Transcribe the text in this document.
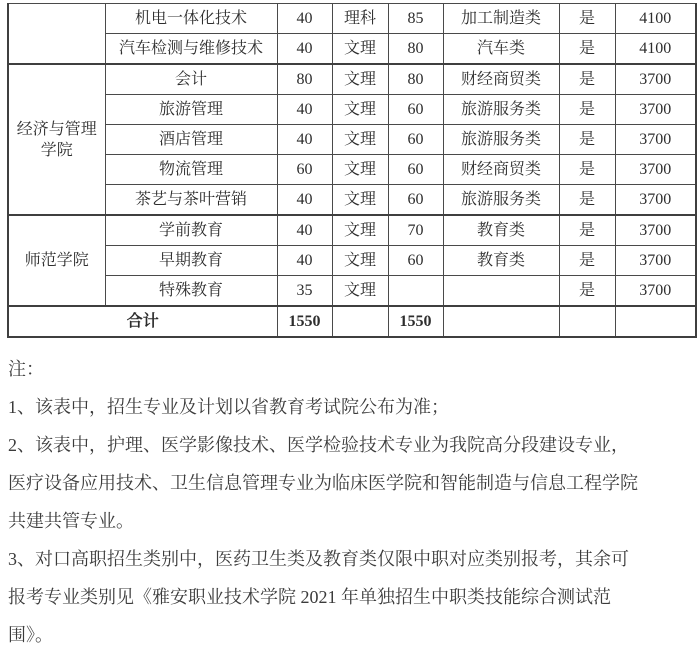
	机电一体化技术	40	理科	85	加工制造类	是	4100
	汽车检测与维修技术	40	文理	80	汽车类	是	4100
经济与管理学院	会计	80	文理	80	财经商贸类	是	3700
	旅游管理	40	文理	60	旅游服务类	是	3700
	酒店管理	40	文理	60	旅游服务类	是	3700
	物流管理	60	文理	60	财经商贸类	是	3700
	茶艺与茶叶营销	40	文理	60	旅游服务类	是	3700
师范学院	学前教育	40	文理	70	教育类	是	3700
	早期教育	40	文理	60	教育类	是	3700
	特殊教育	35	文理			是	3700
合计		1550		1550			
注：
1、该表中，招生专业及计划以省教育考试院公布为准；
2、该表中，护理、医学影像技术、医学检验技术专业为我院高分段建设专业，
医疗设备应用技术、卫生信息管理专业为临床医学院和智能制造与信息工程学院
共建共管专业。
3、对口高职招生类别中，医药卫生类及教育类仅限中职对应类别报考，其余可
报考专业类别见《雅安职业技术学院 2021 年单独招生中职类技能综合测试范
围》。
